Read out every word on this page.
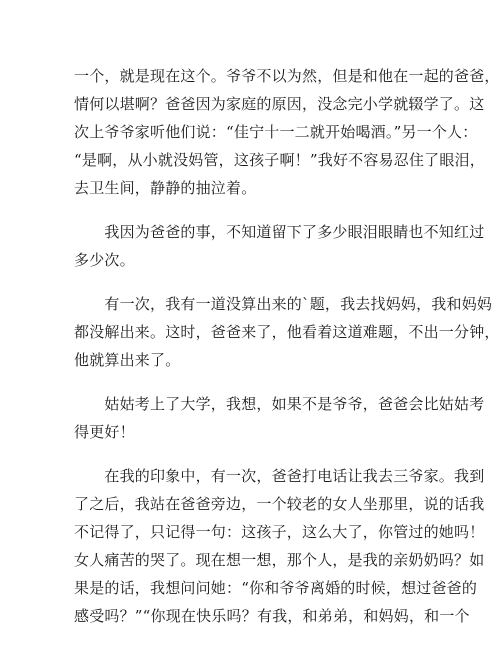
一个，就是现在这个。爷爷不以为然，但是和他在一起的爸爸，
情何以堪啊？爸爸因为家庭的原因，没念完小学就辍学了。这
次上爷爷家听他们说：“佳宁十一二就开始喝酒。”另一个人：
“是啊，从小就没妈管，这孩子啊！”我好不容易忍住了眼泪，
去卫生间，静静的抽泣着。
　　我因为爸爸的事，不知道留下了多少眼泪眼睛也不知红过
多少次。
　　有一次，我有一道没算出来的`题，我去找妈妈，我和妈妈
都没解出来。这时，爸爸来了，他看着这道难题，不出一分钟，
他就算出来了。
　　姑姑考上了大学，我想，如果不是爷爷，爸爸会比姑姑考
得更好！
　　在我的印象中，有一次，爸爸打电话让我去三爷家。我到
了之后，我站在爸爸旁边，一个较老的女人坐那里，说的话我
不记得了，只记得一句：这孩子，这么大了，你管过的她吗！
女人痛苦的哭了。现在想一想，那个人，是我的亲奶奶吗？如
果是的话，我想问问她：“你和爷爷离婚的时候，想过爸爸的
感受吗？”“你现在快乐吗？有我，和弟弟，和妈妈，和一个
